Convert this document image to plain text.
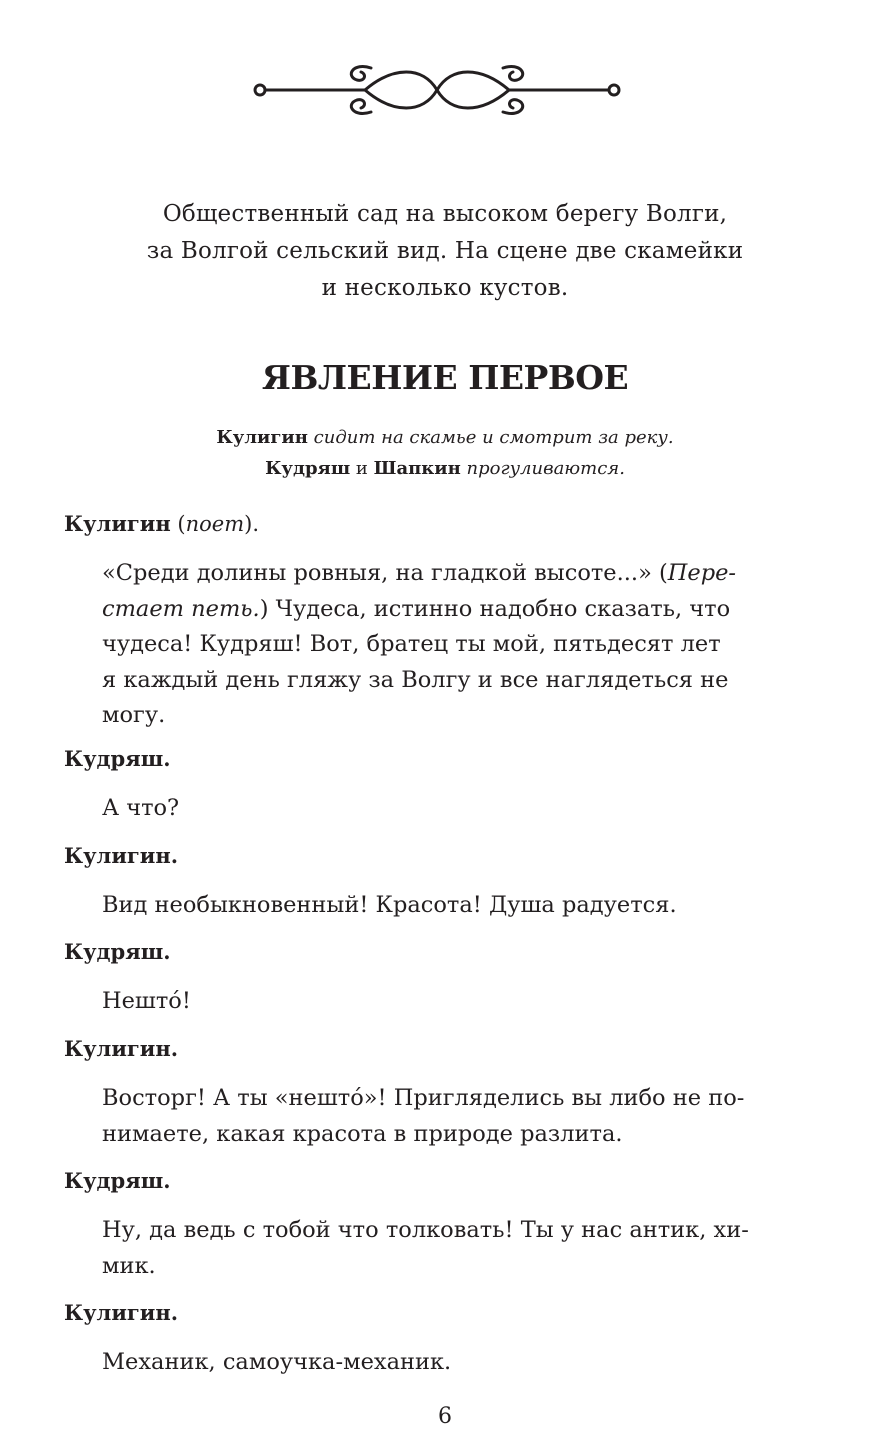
Общественный сад на высоком берегу Волги,
за Волгой сельский вид. На сцене две скамейки
и несколько кустов.
ЯВЛЕНИЕ ПЕРВОЕ
Кулигин сидит на скамье и смотрит за реку.
Кудряш и Шапкин прогуливаются.
Кулигин (поет).
«Среди долины ровныя, на гладкой высоте...» (Пере-
стает петь.) Чудеса, истинно надобно сказать, что
чудеса! Кудряш! Вот, братец ты мой, пятьдесят лет
я каждый день гляжу за Волгу и все наглядеться не
могу.
Кудряш.
А что?
Кулигин.
Вид необыкновенный! Красота! Душа радуется.
Кудряш.
Нештó!
Кулигин.
Восторг! А ты «нештó»! Пригляделись вы либо не по-
нимаете, какая красота в природе разлита.
Кудряш.
Ну, да ведь с тобой что толковать! Ты у нас антик, хи-
мик.
Кулигин.
Механик, самоучка-механик.
6
